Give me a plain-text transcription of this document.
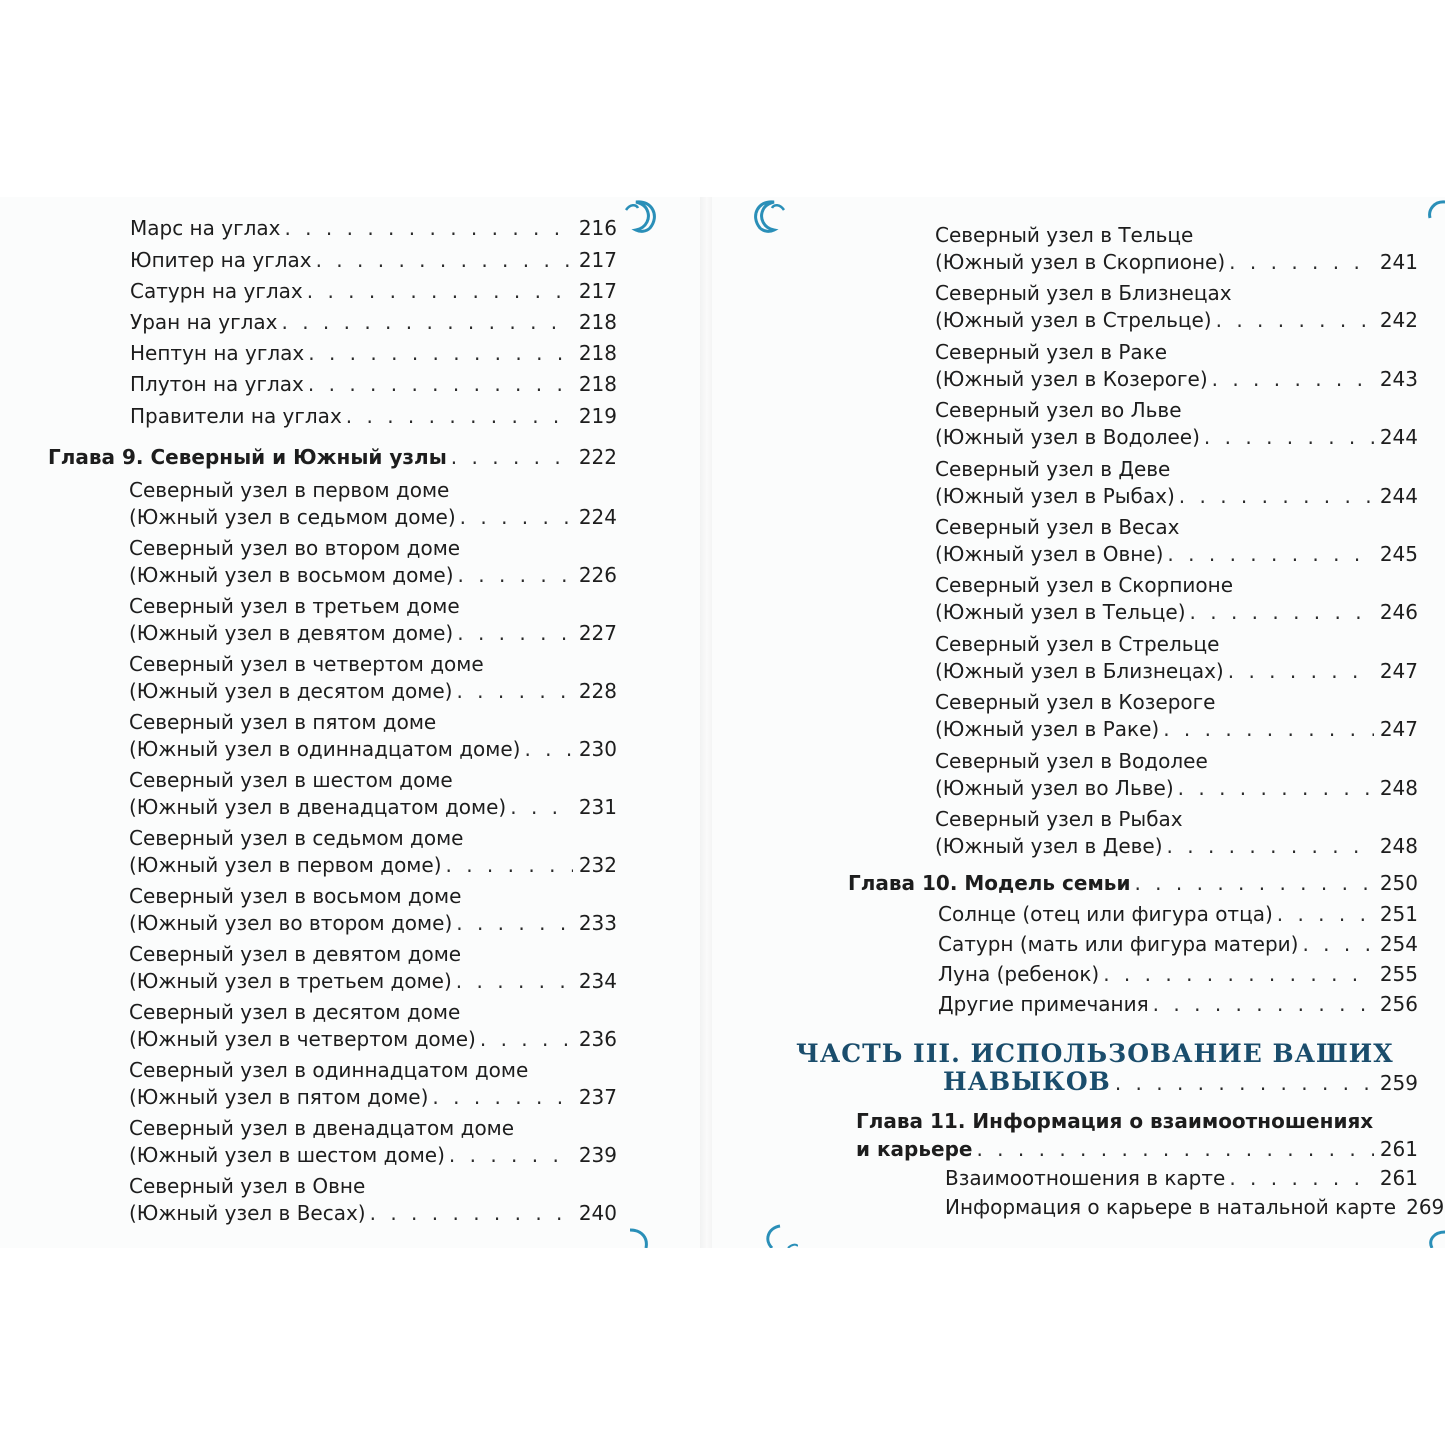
Марс на углах . . .	216
Юпитер на углах . . .	217
Сатурн на углах . . .	217
Уран на углах . . .	218
Нептун на углах . . .	218
Плутон на углах . . .	218
Правители на углах . . .	219
Глава 9. Северный и Южный узлы . . .	222
Северный узел в первом доме
(Южный узел в седьмом доме) . . .	224
Северный узел во втором доме
(Южный узел в восьмом доме) . . .	226
Северный узел в третьем доме
(Южный узел в девятом доме) . . .	227
Северный узел в четвертом доме
(Южный узел в десятом доме) . . .	228
Северный узел в пятом доме
(Южный узел в одиннадцатом доме) . . .	230
Северный узел в шестом доме
(Южный узел в двенадцатом доме) . . .	231
Северный узел в седьмом доме
(Южный узел в первом доме) . . .	232
Северный узел в восьмом доме
(Южный узел во втором доме) . . .	233
Северный узел в девятом доме
(Южный узел в третьем доме) . . .	234
Северный узел в десятом доме
(Южный узел в четвертом доме) . . .	236
Северный узел в одиннадцатом доме
(Южный узел в пятом доме) . . .	237
Северный узел в двенадцатом доме
(Южный узел в шестом доме) . . .	239
Северный узел в Овне
(Южный узел в Весах) . . .	240
Северный узел в Тельце
(Южный узел в Скорпионе) . . .	241
Северный узел в Близнецах
(Южный узел в Стрельце) . . .	242
Северный узел в Раке
(Южный узел в Козероге) . . .	243
Северный узел во Льве
(Южный узел в Водолее) . . .	244
Северный узел в Деве
(Южный узел в Рыбах) . . .	244
Северный узел в Весах
(Южный узел в Овне) . . .	245
Северный узел в Скорпионе
(Южный узел в Тельце) . . .	246
Северный узел в Стрельце
(Южный узел в Близнецах) . . .	247
Северный узел в Козероге
(Южный узел в Раке) . . .	247
Северный узел в Водолее
(Южный узел во Льве) . . .	248
Северный узел в Рыбах
(Южный узел в Деве) . . .	248
Глава 10. Модель семьи . . .	250
Солнце (отец или фигура отца) . . .	251
Сатурн (мать или фигура матери) . . .	254
Луна (ребенок) . . .	255
Другие примечания . . .	256
ЧАСТЬ III. ИСПОЛЬЗОВАНИЕ ВАШИХ
НАВЫКОВ . . .	259
Глава 11. Информация о взаимоотношениях
и карьере . . .	261
Взаимоотношения в карте . . .	261
Информация о карьере в натальной карте 269
